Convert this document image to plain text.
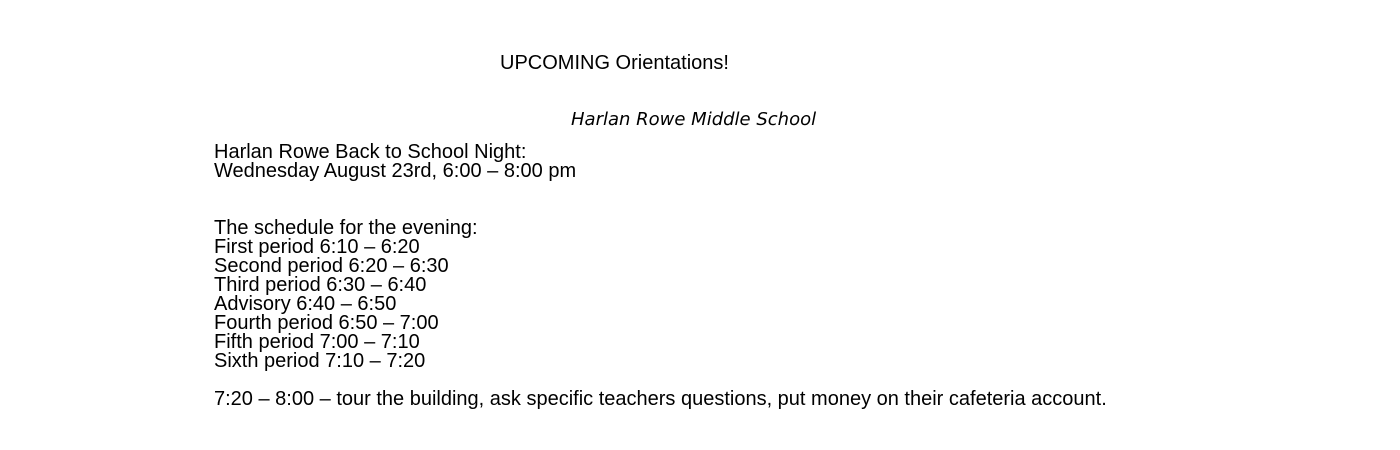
UPCOMING Orientations!
Harlan Rowe Middle School
Harlan Rowe Back to School Night:
Wednesday August 23rd, 6:00 – 8:00 pm
The schedule for the evening:
First period 6:10 – 6:20
Second period 6:20 – 6:30
Third period 6:30 – 6:40
Advisory 6:40 – 6:50
Fourth period 6:50 – 7:00
Fifth period 7:00 – 7:10
Sixth period 7:10 – 7:20
7:20 – 8:00 – tour the building, ask specific teachers questions, put money on their cafeteria account.
